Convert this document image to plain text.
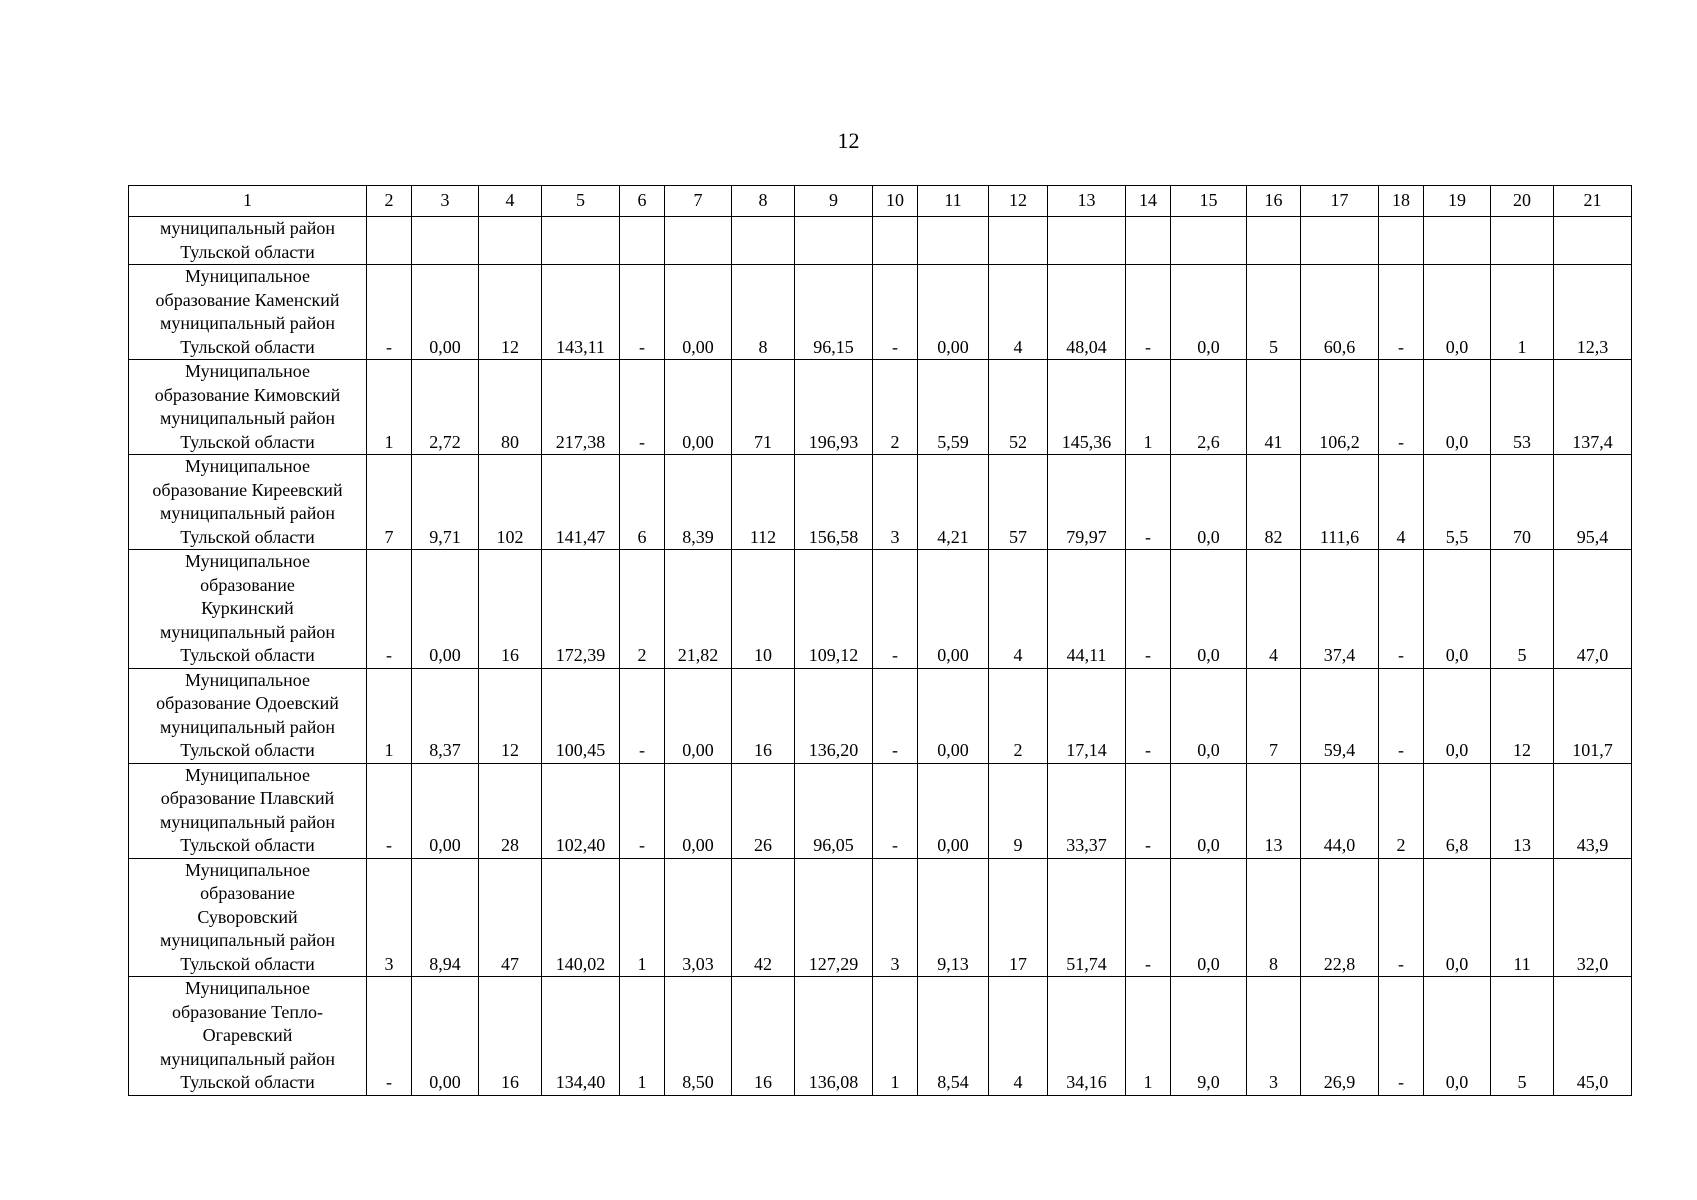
12
1	2	3	4	5	6	7	8	9	10	11	12	13	14	15	16	17	18	19	20	21

муниципальный район
Тульской области																				

Муниципальное
образование Каменский
муниципальный район
Тульской области	-	0,00	12	143,11	-	0,00	8	96,15	-	0,00	4	48,04	-	0,0	5	60,6	-	0,0	1	12,3

Муниципальное
образование Кимовский
муниципальный район
Тульской области	1	2,72	80	217,38	-	0,00	71	196,93	2	5,59	52	145,36	1	2,6	41	106,2	-	0,0	53	137,4

Муниципальное
образование Киреевский
муниципальный район
Тульской области	7	9,71	102	141,47	6	8,39	112	156,58	3	4,21	57	79,97	-	0,0	82	111,6	4	5,5	70	95,4

Муниципальное
образование
Куркинский
муниципальный район
Тульской области	-	0,00	16	172,39	2	21,82	10	109,12	-	0,00	4	44,11	-	0,0	4	37,4	-	0,0	5	47,0

Муниципальное
образование Одоевский
муниципальный район
Тульской области	1	8,37	12	100,45	-	0,00	16	136,20	-	0,00	2	17,14	-	0,0	7	59,4	-	0,0	12	101,7

Муниципальное
образование Плавский
муниципальный район
Тульской области	-	0,00	28	102,40	-	0,00	26	96,05	-	0,00	9	33,37	-	0,0	13	44,0	2	6,8	13	43,9

Муниципальное
образование
Суворовский
муниципальный район
Тульской области	3	8,94	47	140,02	1	3,03	42	127,29	3	9,13	17	51,74	-	0,0	8	22,8	-	0,0	11	32,0

Муниципальное
образование Тепло-
Огаревский
муниципальный район
Тульской области	-	0,00	16	134,40	1	8,50	16	136,08	1	8,54	4	34,16	1	9,0	3	26,9	-	0,0	5	45,0
